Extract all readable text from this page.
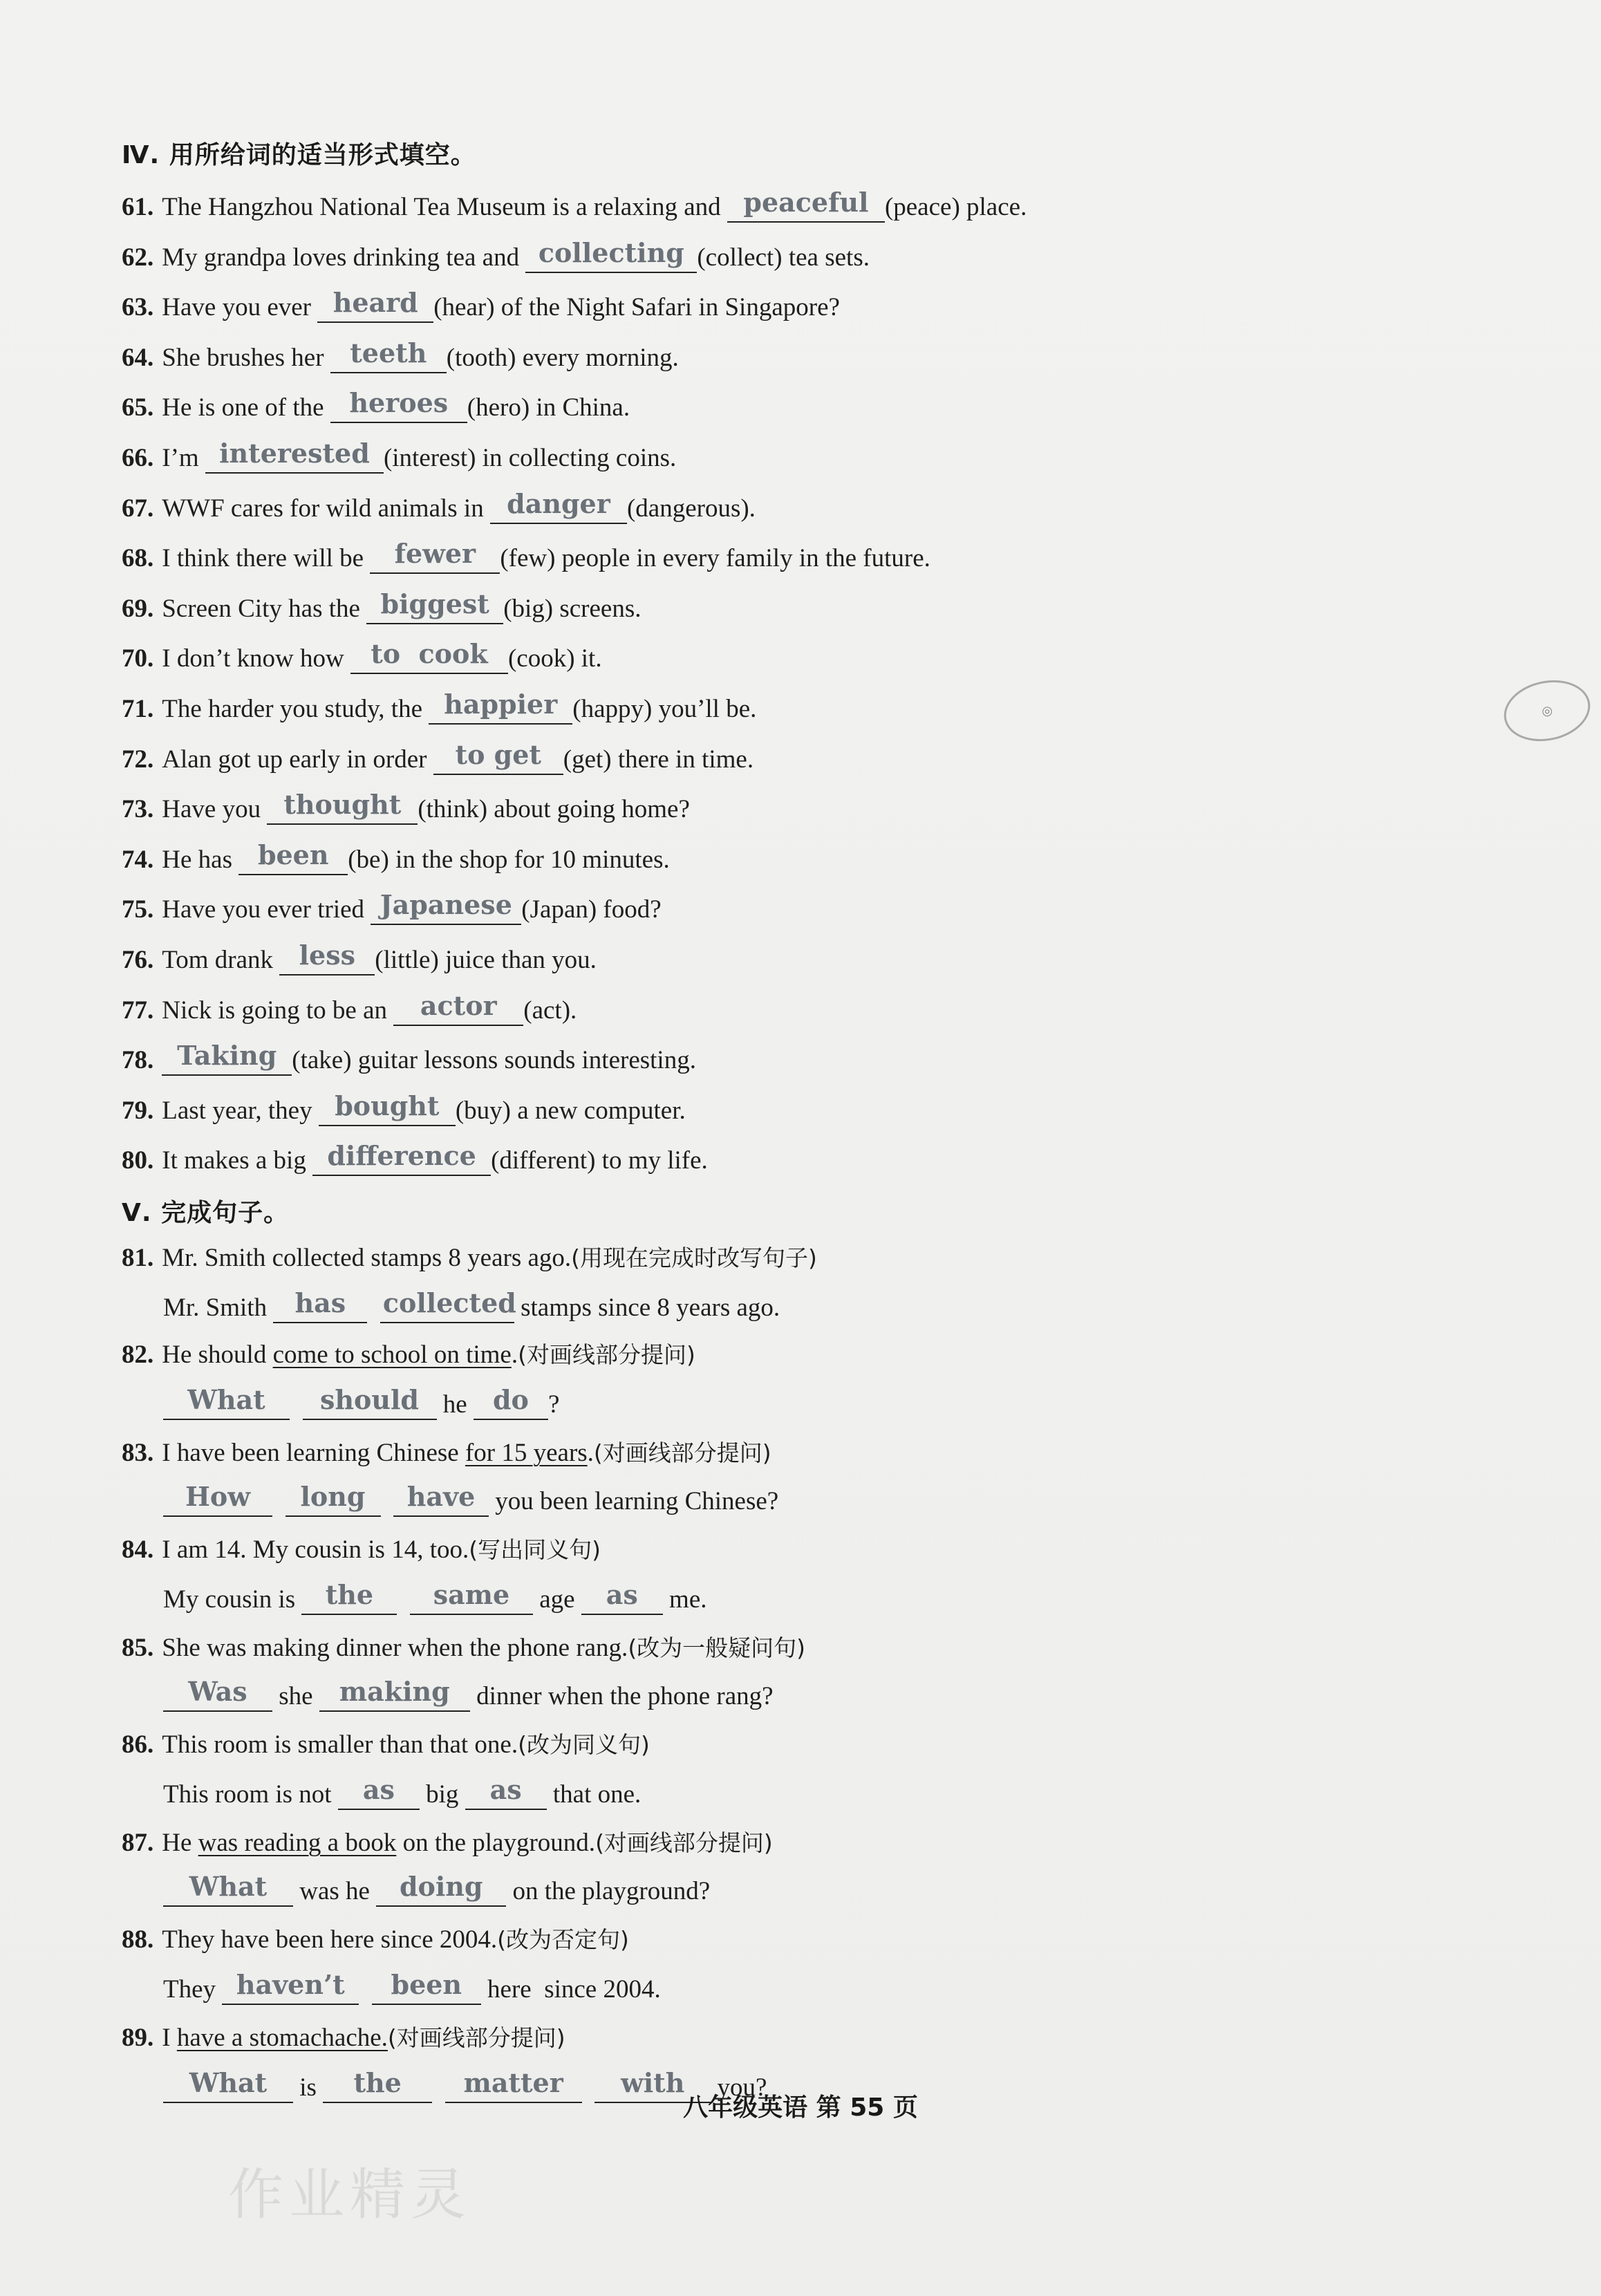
Ⅳ. 用所给词的适当形式填空。
61. The Hangzhou National Tea Museum is a relaxing and peaceful (peace) place.
62. My grandpa loves drinking tea and collecting (collect) tea sets.
63. Have you ever heard (hear) of the Night Safari in Singapore?
64. She brushes her teeth (tooth) every morning.
65. He is one of the heroes (hero) in China.
66. I’m interested (interest) in collecting coins.
67. WWF cares for wild animals in danger (dangerous).
68. I think there will be fewer (few) people in every family in the future.
69. Screen City has the biggest (big) screens.
70. I don’t know how to  cook (cook) it.
71. The harder you study, the happier (happy) you’ll be.
72. Alan got up early in order to get (get) there in time.
73. Have you thought (think) about going home?
74. He has been (be) in the shop for 10 minutes.
75. Have you ever tried Japanese (Japan) food?
76. Tom drank less (little) juice than you.
77. Nick is going to be an	actor	(act).
78. Taking (take) guitar lessons sounds interesting.
79. Last year, they bought (buy) a new computer.
80. It makes a big difference (different) to my life.
Ⅴ. 完成句子。
81. Mr. Smith collected stamps 8 years ago. (用现在完成时改写句子)
Mr. Smith has
	collected
stamps since 8 years ago.
82. He should come to school on time . (对画线部分提问)
What
	should he do ?
83. I have been learning Chinese for 15 years . (对画线部分提问)
How
	long
	have you been learning Chinese?
84. I am 14. My cousin is 14, too. (写出同义句)
My cousin is the
	same age as me.
85. She was making dinner when the phone rang. (改为一般疑问句)
Was she making dinner when the phone rang?
86. This room is smaller than that one. (改为同义句)
This room is not as big as that one.
87. He was reading a book on the playground. (对画线部分提问)
What	was he doing on the playground?
88. They have been here since 2004. (改为否定句)
They haven’t
	been here  since 2004.
89. I have a stomachache. (对画线部分提问)
What	is	the
	matter
	with	you?
八年级英语 第 55 页
作业精灵
◎
